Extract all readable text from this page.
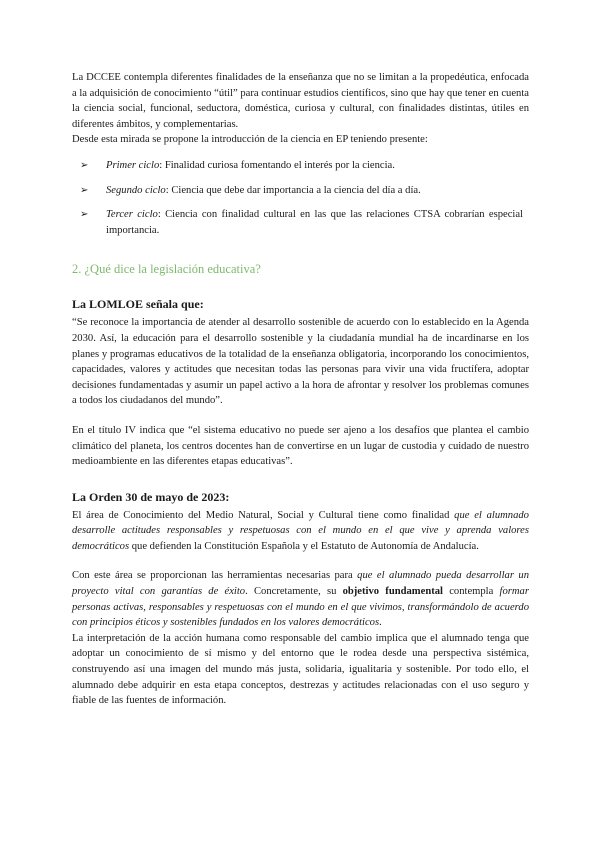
La DCCEE contempla diferentes finalidades de la enseñanza que no se limitan a la propedéutica, enfocada a la adquisición de conocimiento “útil” para continuar estudios científicos, sino que hay que tener en cuenta la ciencia social, funcional, seductora, doméstica, curiosa y cultural, con finalidades distintas, útiles en diferentes ámbitos, y complementarias.

Desde esta mirada se propone la introducción de la ciencia en EP teniendo presente:

➢ Primer ciclo: Finalidad curiosa fomentando el interés por la ciencia.
➢ Segundo ciclo: Ciencia que debe dar importancia a la ciencia del día a día.
➢ Tercer ciclo: Ciencia con finalidad cultural en las que las relaciones CTSA cobrarían especial importancia.
2. ¿Qué dice la legislación educativa?
La LOMLOE señala que:

“Se reconoce la importancia de atender al desarrollo sostenible de acuerdo con lo establecido en la Agenda 2030. Así, la educación para el desarrollo sostenible y la ciudadanía mundial ha de incardinarse en los planes y programas educativos de la totalidad de la enseñanza obligatoria, incorporando los conocimientos, capacidades, valores y actitudes que necesitan todas las personas para vivir una vida fructífera, adoptar decisiones fundamentadas y asumir un papel activo a la hora de afrontar y resolver los problemas comunes a todos los ciudadanos del mundo”.

En el título IV indica que “el sistema educativo no puede ser ajeno a los desafíos que plantea el cambio climático del planeta, los centros docentes han de convertirse en un lugar de custodia y cuidado de nuestro medioambiente en las diferentes etapas educativas”.

La Orden 30 de mayo de 2023:

El área de Conocimiento del Medio Natural, Social y Cultural tiene como finalidad que el alumnado desarrolle actitudes responsables y respetuosas con el mundo en el que vive y aprenda valores democráticos que defienden la Constitución Española y el Estatuto de Autonomía de Andalucía.

Con este área se proporcionan las herramientas necesarias para que el alumnado pueda desarrollar un proyecto vital con garantías de éxito. Concretamente, su objetivo fundamental contempla formar personas activas, responsables y respetuosas con el mundo en el que vivimos, transformándolo de acuerdo con principios éticos y sostenibles fundados en los valores democráticos.

La interpretación de la acción humana como responsable del cambio implica que el alumnado tenga que adoptar un conocimiento de sí mismo y del entorno que le rodea desde una perspectiva sistémica, construyendo así una imagen del mundo más justa, solidaria, igualitaria y sostenible. Por todo ello, el alumnado debe adquirir en esta etapa conceptos, destrezas y actitudes relacionadas con el uso seguro y fiable de las fuentes de información.
